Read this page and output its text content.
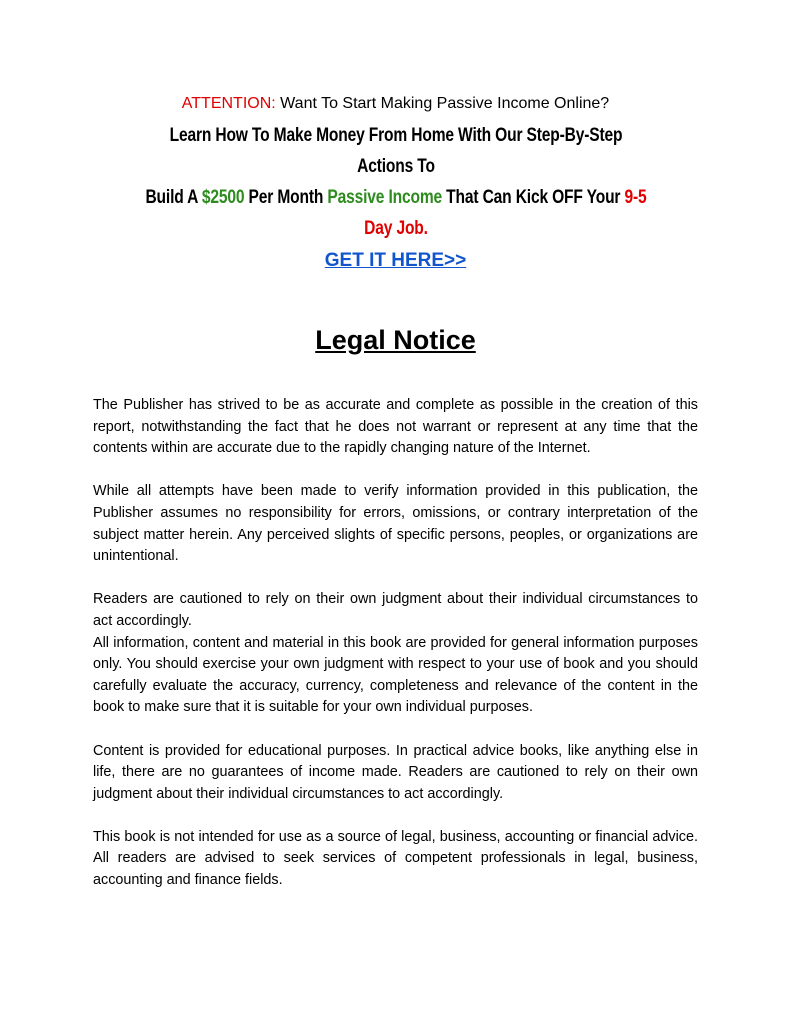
ATTENTION: Want To Start Making Passive Income Online?

Learn How To Make Money From Home With Our Step-By-Step
Actions To
Build A $2500 Per Month Passive Income That Can Kick OFF Your 9-5
Day Job.
GET IT HERE>>
Legal Notice

The Publisher has strived to be as accurate and complete as possible in the creation of this report, notwithstanding the fact that he does not warrant or represent at any time that the contents within are accurate due to the rapidly changing nature of the Internet.

While all attempts have been made to verify information provided in this publication, the Publisher assumes no responsibility for errors, omissions, or contrary interpretation of the subject matter herein. Any perceived slights of specific persons, peoples, or organizations are unintentional.

Readers are cautioned to rely on their own judgment about their individual circumstances to act accordingly.

All information, content and material in this book are provided for general information purposes only. You should exercise your own judgment with respect to your use of book and you should carefully evaluate the accuracy, currency, completeness and relevance of the content in the book to make sure that it is suitable for your own individual purposes.

Content is provided for educational purposes. In practical advice books, like anything else in life, there are no guarantees of income made. Readers are cautioned to rely on their own judgment about their individual circumstances to act accordingly.

This book is not intended for use as a source of legal, business, accounting or financial advice. All readers are advised to seek services of competent professionals in legal, business, accounting and finance fields.
